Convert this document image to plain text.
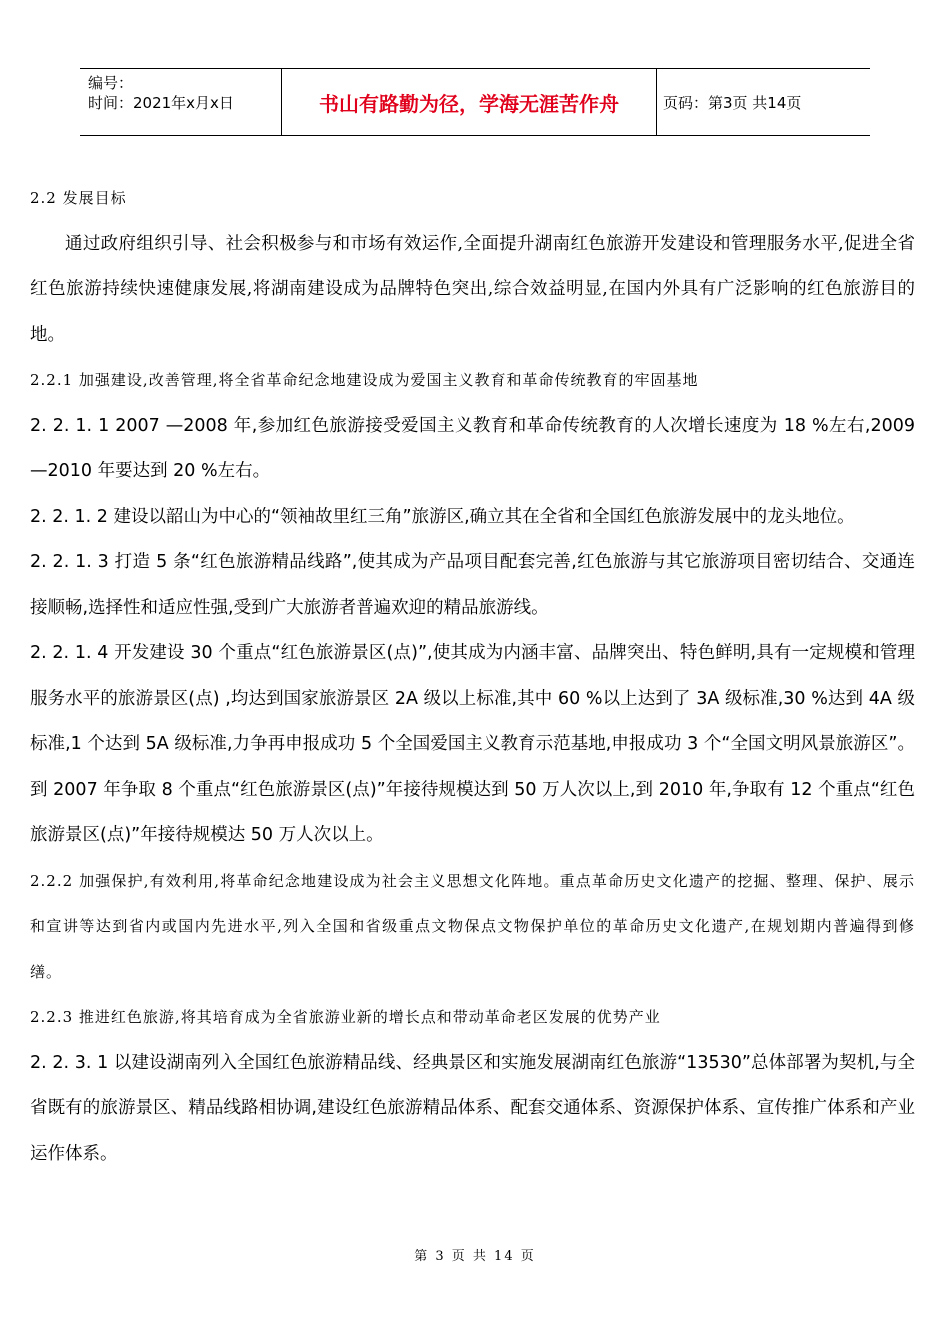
编号：
时间：2021年x月x日	书山有路勤为径，学海无涯苦作舟	页码：第3页 共14页

2.2 发展目标

通过政府组织引导、社会积极参与和市场有效运作,全面提升湖南红色旅游开发建设和管理服务水平,促进全省红色旅游持续快速健康发展,将湖南建设成为品牌特色突出,综合效益明显,在国内外具有广泛影响的红色旅游目的地。

2.2.1 加强建设,改善管理,将全省革命纪念地建设成为爱国主义教育和革命传统教育的牢固基地

2. 2. 1. 1 2007 —2008 年,参加红色旅游接受爱国主义教育和革命传统教育的人次增长速度为 18 %左右,2009 —2010 年要达到 20 %左右。

2. 2. 1. 2 建设以韶山为中心的“领袖故里红三角”旅游区,确立其在全省和全国红色旅游发展中的龙头地位。

2. 2. 1. 3 打造 5 条“红色旅游精品线路”,使其成为产品项目配套完善,红色旅游与其它旅游项目密切结合、交通连接顺畅,选择性和适应性强,受到广大旅游者普遍欢迎的精品旅游线。

2. 2. 1. 4 开发建设 30 个重点“红色旅游景区(点)”,使其成为内涵丰富、品牌突出、特色鲜明,具有一定规模和管理服务水平的旅游景区(点) ,均达到国家旅游景区 2A 级以上标准,其中 60 %以上达到了 3A 级标准,30 %达到 4A 级标准,1 个达到 5A 级标准,力争再申报成功 5 个全国爱国主义教育示范基地,申报成功 3 个“全国文明风景旅游区”。到 2007 年争取 8 个重点“红色旅游景区(点)”年接待规模达到 50 万人次以上,到 2010 年,争取有 12 个重点“红色旅游景区(点)”年接待规模达 50 万人次以上。

2.2.2 加强保护,有效利用,将革命纪念地建设成为社会主义思想文化阵地。重点革命历史文化遗产的挖掘、整理、保护、展示和宣讲等达到省内或国内先进水平,列入全国和省级重点文物保点文物保护单位的革命历史文化遗产,在规划期内普遍得到修缮。

2.2.3 推进红色旅游,将其培育成为全省旅游业新的增长点和带动革命老区发展的优势产业

2. 2. 3. 1 以建设湖南列入全国红色旅游精品线、经典景区和实施发展湖南红色旅游“13530”总体部署为契机,与全省既有的旅游景区、精品线路相协调,建设红色旅游精品体系、配套交通体系、资源保护体系、宣传推广体系和产业运作体系。

第 3 页 共 14 页
